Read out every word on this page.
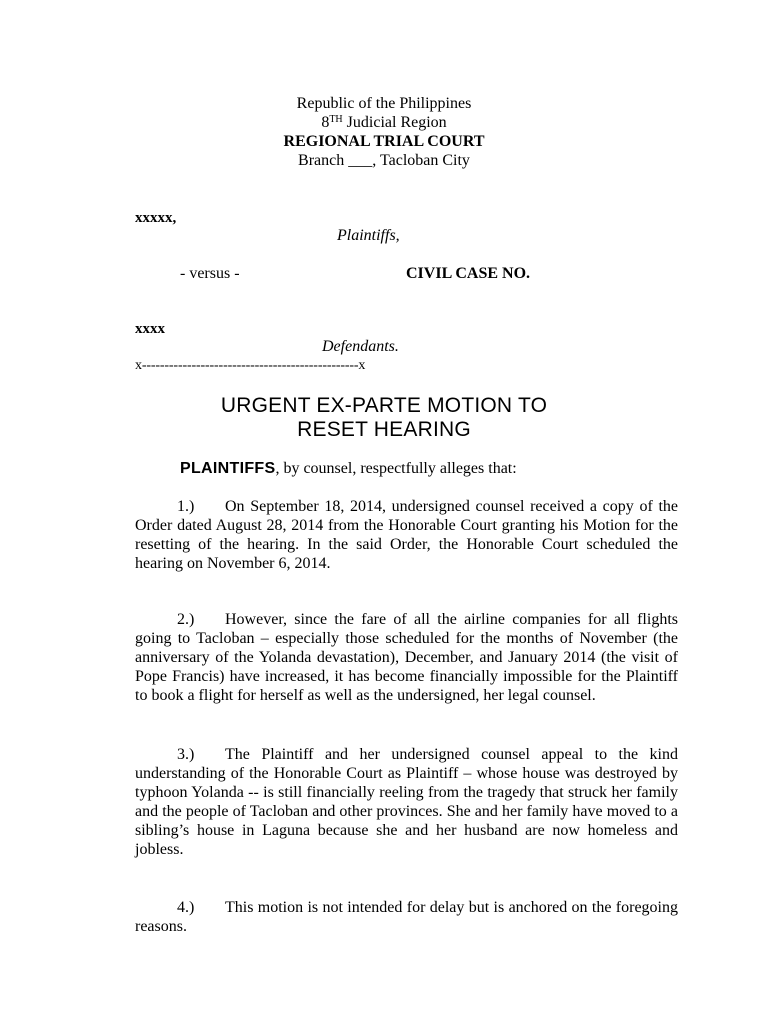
Republic of the Philippines
8TH Judicial Region
REGIONAL TRIAL COURT
Branch ___, Tacloban City
xxxxx,
Plaintiffs,
- versus -	CIVIL CASE NO.
xxxx
Defendants.
x------------------------------------------------x
URGENT EX-PARTE MOTION TO
RESET HEARING
PLAINTIFFS, by counsel, respectfully alleges that:
1.) On September 18, 2014, undersigned counsel received a copy of the Order dated August 28, 2014 from the Honorable Court granting his Motion for the resetting of the hearing. In the said Order, the Honorable Court scheduled the hearing on November 6, 2014.
2.) However, since the fare of all the airline companies for all flights going to Tacloban – especially those scheduled for the months of November (the anniversary of the Yolanda devastation), December, and January 2014 (the visit of Pope Francis) have increased, it has become financially impossible for the Plaintiff to book a flight for herself as well as the undersigned, her legal counsel.
3.) The Plaintiff and her undersigned counsel appeal to the kind understanding of the Honorable Court as Plaintiff – whose house was destroyed by typhoon Yolanda -- is still financially reeling from the tragedy that struck her family and the people of Tacloban and other provinces. She and her family have moved to a sibling’s house in Laguna because she and her husband are now homeless and jobless.
4.) This motion is not intended for delay but is anchored on the foregoing reasons.
